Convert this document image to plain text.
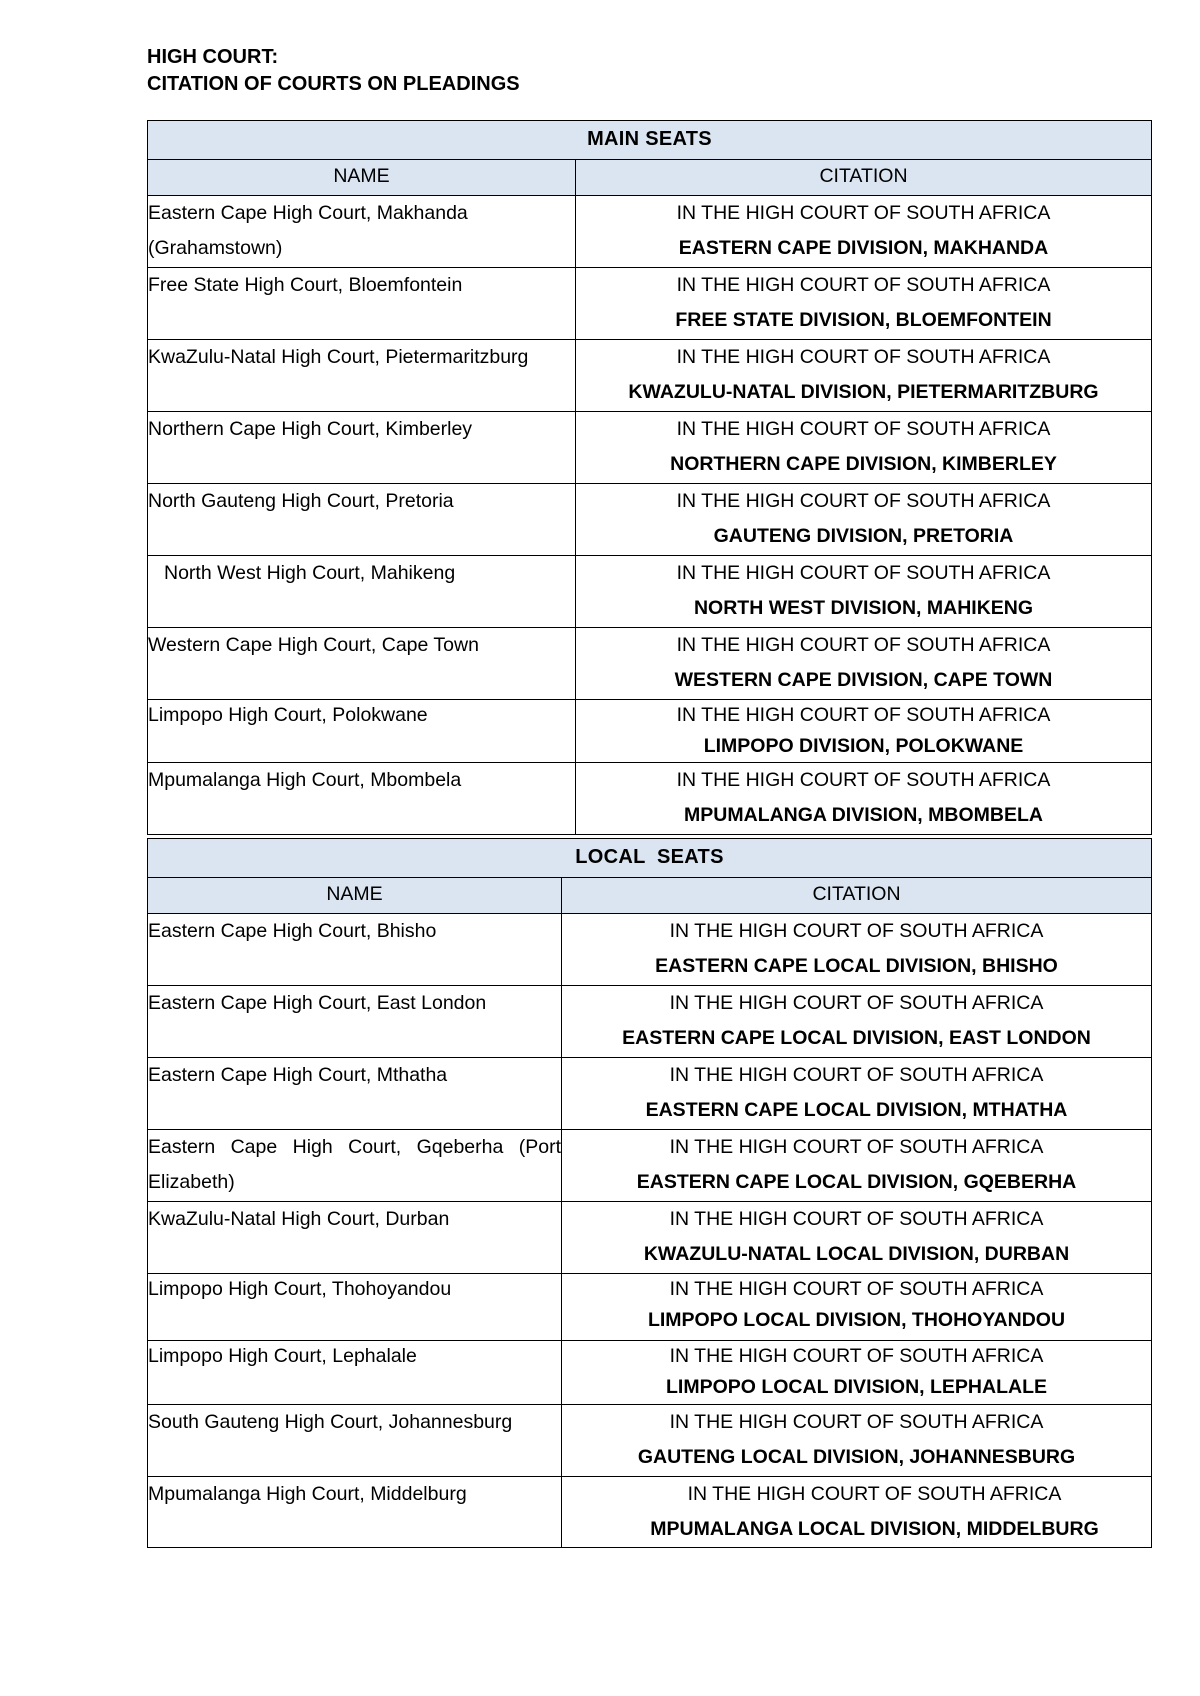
HIGH COURT:
CITATION OF COURTS ON PLEADINGS
MAIN SEATS	
NAME	CITATION
Eastern Cape High Court, Makhanda (Grahamstown)	IN THE HIGH COURT OF SOUTH AFRICA
EASTERN CAPE DIVISION, MAKHANDA

Free State High Court, Bloemfontein	IN THE HIGH COURT OF SOUTH AFRICA
FREE STATE DIVISION, BLOEMFONTEIN

KwaZulu-Natal High Court, Pietermaritzburg	IN THE HIGH COURT OF SOUTH AFRICA
KWAZULU-NATAL DIVISION, PIETERMARITZBURG

Northern Cape High Court, Kimberley	IN THE HIGH COURT OF SOUTH AFRICA
NORTHERN CAPE DIVISION, KIMBERLEY

North Gauteng High Court, Pretoria	IN THE HIGH COURT OF SOUTH AFRICA
GAUTENG DIVISION, PRETORIA

North West High Court, Mahikeng	IN THE HIGH COURT OF SOUTH AFRICA
NORTH WEST DIVISION, MAHIKENG

Western Cape High Court, Cape Town	IN THE HIGH COURT OF SOUTH AFRICA
WESTERN CAPE DIVISION, CAPE TOWN

Limpopo High Court, Polokwane	IN THE HIGH COURT OF SOUTH AFRICA
LIMPOPO DIVISION, POLOKWANE

Mpumalanga High Court, Mbombela	IN THE HIGH COURT OF SOUTH AFRICA
MPUMALANGA DIVISION, MBOMBELA
LOCAL  SEATS	
NAME	CITATION
Eastern Cape High Court, Bhisho	IN THE HIGH COURT OF SOUTH AFRICA
EASTERN CAPE LOCAL DIVISION, BHISHO

Eastern Cape High Court, East London	IN THE HIGH COURT OF SOUTH AFRICA
EASTERN CAPE LOCAL DIVISION, EAST LONDON

Eastern Cape High Court, Mthatha	IN THE HIGH COURT OF SOUTH AFRICA
EASTERN CAPE LOCAL DIVISION, MTHATHA

Eastern Cape High Court, Gqeberha (Port Elizabeth)	IN THE HIGH COURT OF SOUTH AFRICA
EASTERN CAPE LOCAL DIVISION, GQEBERHA

KwaZulu-Natal High Court, Durban	IN THE HIGH COURT OF SOUTH AFRICA
KWAZULU-NATAL LOCAL DIVISION, DURBAN

Limpopo High Court, Thohoyandou	IN THE HIGH COURT OF SOUTH AFRICA
LIMPOPO LOCAL DIVISION, THOHOYANDOU

Limpopo High Court, Lephalale	IN THE HIGH COURT OF SOUTH AFRICA
LIMPOPO LOCAL DIVISION, LEPHALALE

South Gauteng High Court, Johannesburg	IN THE HIGH COURT OF SOUTH AFRICA
GAUTENG LOCAL DIVISION, JOHANNESBURG

Mpumalanga High Court, Middelburg	IN THE HIGH COURT OF SOUTH AFRICA
MPUMALANGA LOCAL DIVISION, MIDDELBURG
